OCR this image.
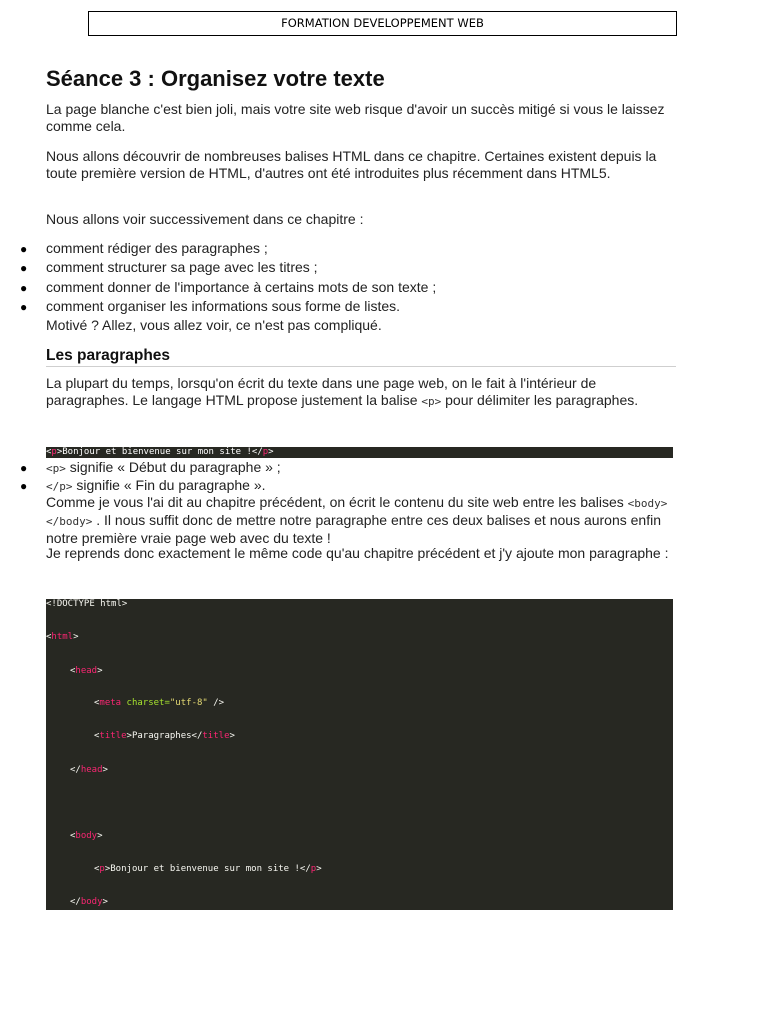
FORMATION DEVELOPPEMENT WEB
Séance 3 : Organisez votre texte

La page blanche c'est bien joli, mais votre site web risque d'avoir un succès mitigé si vous le laissez comme cela.

Nous allons découvrir de nombreuses balises HTML dans ce chapitre. Certaines existent depuis la toute première version de HTML, d'autres ont été introduites plus récemment dans HTML5.

Nous allons voir successivement dans ce chapitre :

● comment rédiger des paragraphes ;

● comment structurer sa page avec les titres ;

● comment donner de l'importance à certains mots de son texte ;

● comment organiser les informations sous forme de listes.

Motivé ? Allez, vous allez voir, ce n'est pas compliqué.

Les paragraphes

La plupart du temps, lorsqu'on écrit du texte dans une page web, on le fait à l'intérieur de paragraphes. Le langage HTML propose justement la balise <p> pour délimiter les paragraphes.

<p>Bonjour et bienvenue sur mon site !</p>
● <p> signifie « Début du paragraphe » ;

● </p> signifie « Fin du paragraphe ».

Comme je vous l'ai dit au chapitre précédent, on écrit le contenu du site web entre les balises <body></body> . Il nous suffit donc de mettre notre paragraphe entre ces deux balises et nous aurons enfin notre première vraie page web avec du texte !

Je reprends donc exactement le même code qu'au chapitre précédent et j'y ajoute mon paragraphe :

<!DOCTYPE html>
<html>
<head>
<meta charset="utf-8" />
<title>Paragraphes</title>
</head>
<body>
<p>Bonjour et bienvenue sur mon site !</p>
</body>
